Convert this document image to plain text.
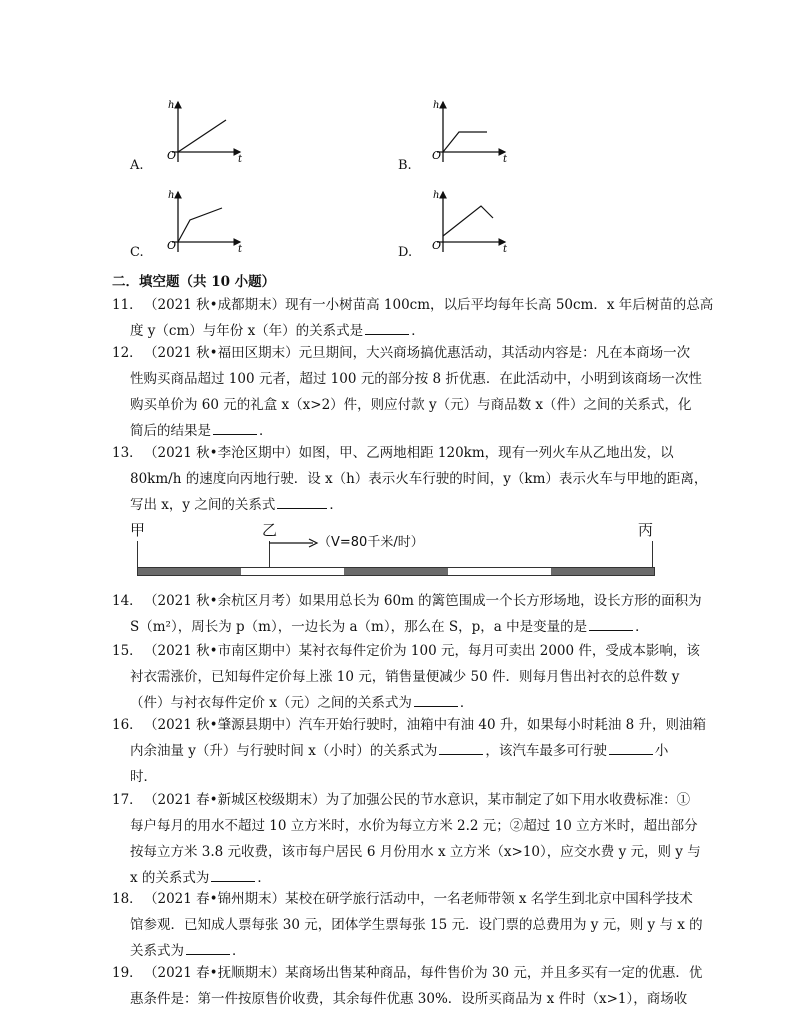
h
t
O
A.
h
t
O
B.
h
t
O
C.
h
t
O
D.
二．填空题（共 10 小题）
11．（2021 秋•成都期末）现有一小树苗高 100cm，以后平均每年长高 50cm．x 年后树苗的总高
度 y（cm）与年份 x（年）的关系式是	．
12．（2021 秋•福田区期末）元旦期间，大兴商场搞优惠活动，其活动内容是：凡在本商场一次
性购买商品超过 100 元者，超过 100 元的部分按 8 折优惠．在此活动中，小明到该商场一次性
购买单价为 60 元的礼盒 x（x>2）件，则应付款 y（元）与商品数 x（件）之间的关系式，化
简后的结果是	．
13．（2021 秋•李沧区期中）如图，甲、乙两地相距 120km，现有一列火车从乙地出发，以
80km/h 的速度向丙地行驶．设 x（h）表示火车行驶的时间，y（km）表示火车与甲地的距离，
写出 x，y 之间的关系式	．
甲	乙	丙
（V=80千米/时）
14．（2021 秋•余杭区月考）如果用总长为 60m 的篱笆围成一个长方形场地，设长方形的面积为
S（m²），周长为 p（m），一边长为 a（m），那么在 S，p，a 中是变量的是	．
15．（2021 秋•市南区期中）某衬衣每件定价为 100 元，每月可卖出 2000 件，受成本影响，该
衬衣需涨价，已知每件定价每上涨 10 元，销售量便减少 50 件．则每月售出衬衣的总件数 y
（件）与衬衣每件定价 x（元）之间的关系式为	．
16．（2021 秋•肇源县期中）汽车开始行驶时，油箱中有油 40 升，如果每小时耗油 8 升，则油箱
内余油量 y（升）与行驶时间 x（小时）的关系式为	，该汽车最多可行驶	小
时．
17．（2021 春•新城区校级期末）为了加强公民的节水意识，某市制定了如下用水收费标准：①
每户每月的用水不超过 10 立方米时，水价为每立方米 2.2 元；②超过 10 立方米时，超出部分
按每立方米 3.8 元收费，该市每户居民 6 月份用水 x 立方米（x>10），应交水费 y 元，则 y 与
x 的关系式为	．
18．（2021 春•锦州期末）某校在研学旅行活动中，一名老师带领 x 名学生到北京中国科学技术
馆参观．已知成人票每张 30 元，团体学生票每张 15 元．设门票的总费用为 y 元，则 y 与 x 的
关系式为	．
19．（2021 春•抚顺期末）某商场出售某种商品，每件售价为 30 元，并且多买有一定的优惠．优
惠条件是：第一件按原售价收费，其余每件优惠 30%．设所买商品为 x 件时（x>1），商场收
